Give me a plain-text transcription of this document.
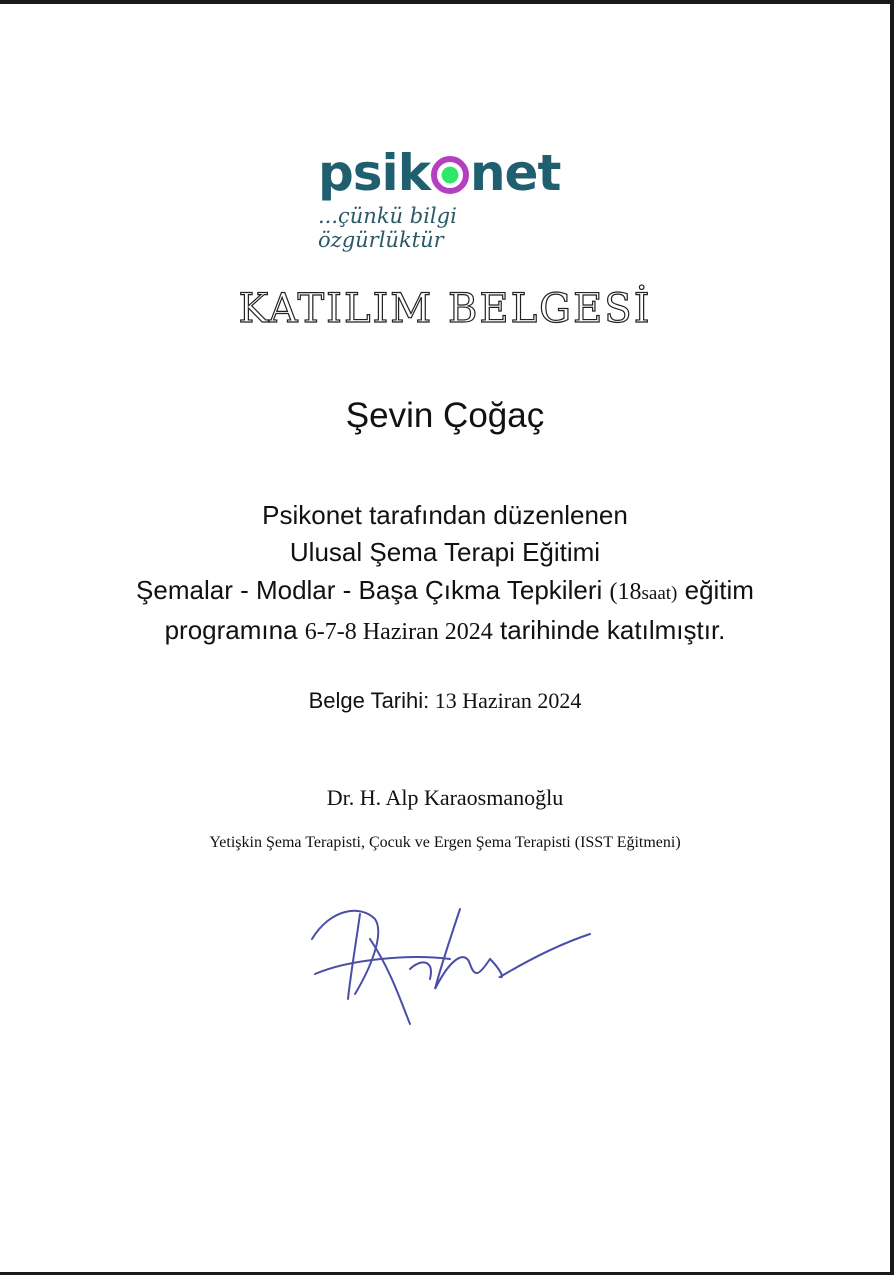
psik net
...çünkü bilgi özgürlüktür
KATILIM BELGESİ
Şevin Çoğaç
Psikonet tarafından düzenlenen
Ulusal Şema Terapi Eğitimi
Şemalar - Modlar - Başa Çıkma Tepkileri (18saat) eğitim
programına 6-7-8 Haziran 2024 tarihinde katılmıştır.
Belge Tarihi: 13 Haziran 2024
Dr. H. Alp Karaosmanoğlu
Yetişkin Şema Terapisti, Çocuk ve Ergen Şema Terapisti (ISST Eğitmeni)
